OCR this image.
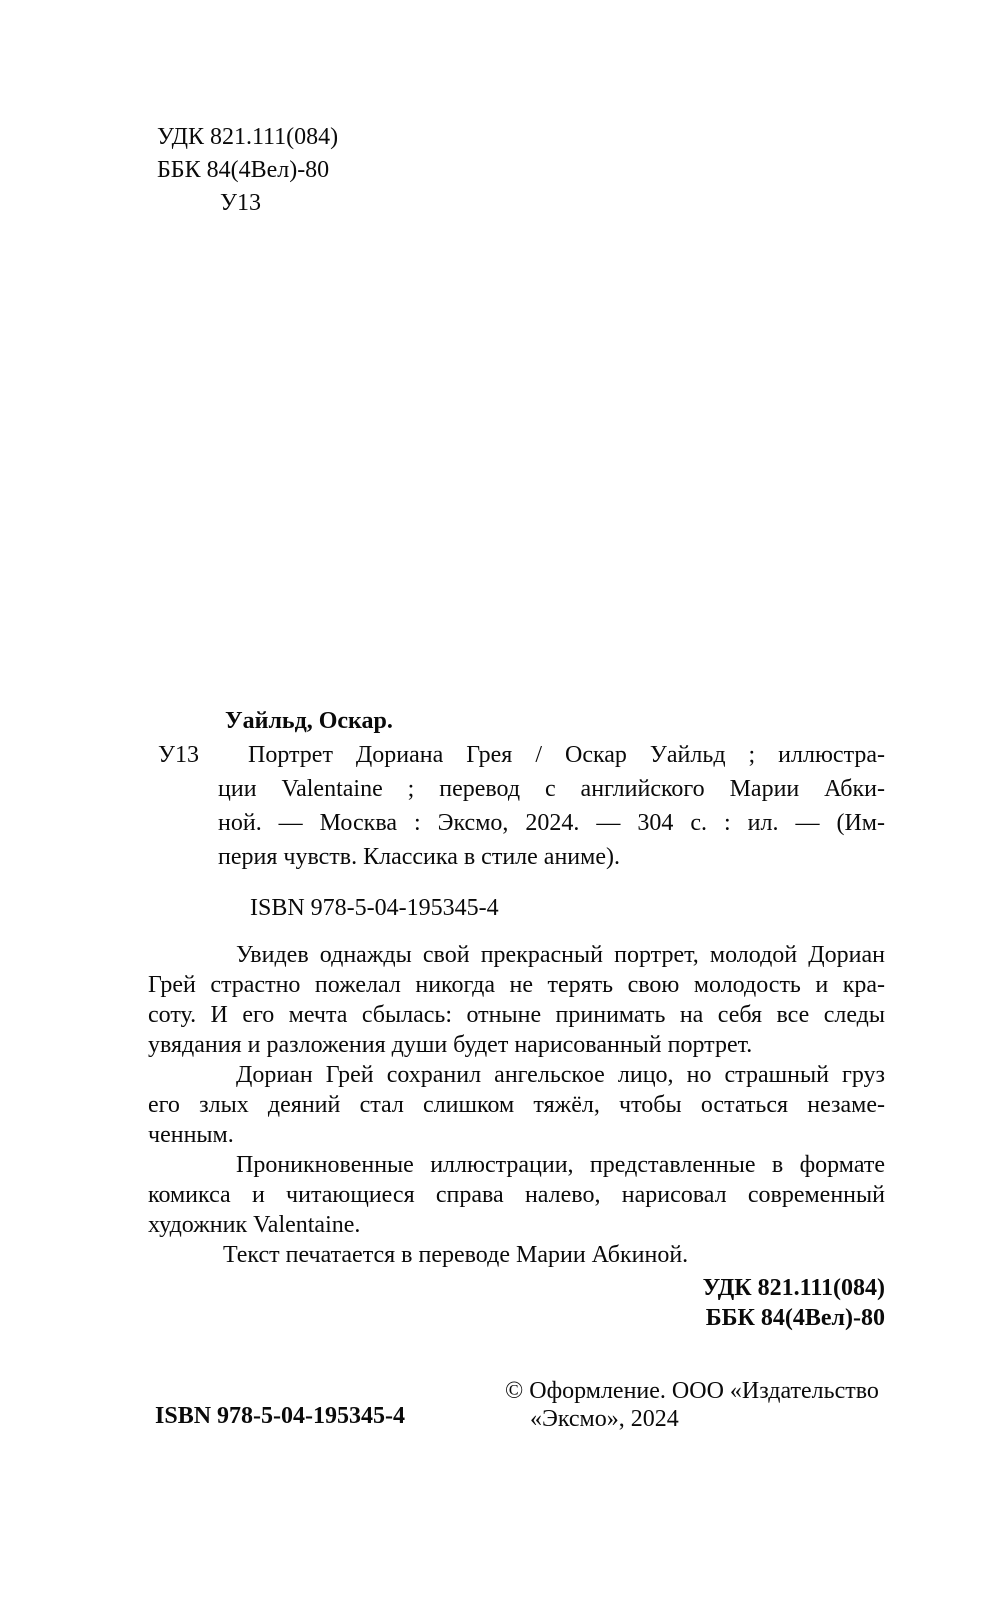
УДК 821.111(084)
ББК 84(4Вел)-80
У13
Уайльд, Оскар.
У13	Портрет Дориана Грея / Оскар Уайльд ; иллюстра-
ции Valentaine ; перевод с английского Марии Абки-
ной. — Москва : Эксмо, 2024. — 304 с. : ил. — (Им-
перия чувств. Классика в стиле аниме).
ISBN 978-5-04-195345-4
Увидев однажды свой прекрасный портрет, молодой Дориан
Грей страстно пожелал никогда не терять свою молодость и кра-
соту. И его мечта сбылась: отныне принимать на себя все следы
увядания и разложения души будет нарисованный портрет.
Дориан Грей сохранил ангельское лицо, но страшный груз
его злых деяний стал слишком тяжёл, чтобы остаться незаме-
ченным.
Проникновенные иллюстрации, представленные в формате
комикса и читающиеся справа налево, нарисовал современный
художник Valentaine.
Текст печатается в переводе Марии Абкиной.
УДК 821.111(084)
ББК 84(4Вел)-80
ISBN 978-5-04-195345-4
© Оформление. ООО «Издательство
«Эксмо», 2024
